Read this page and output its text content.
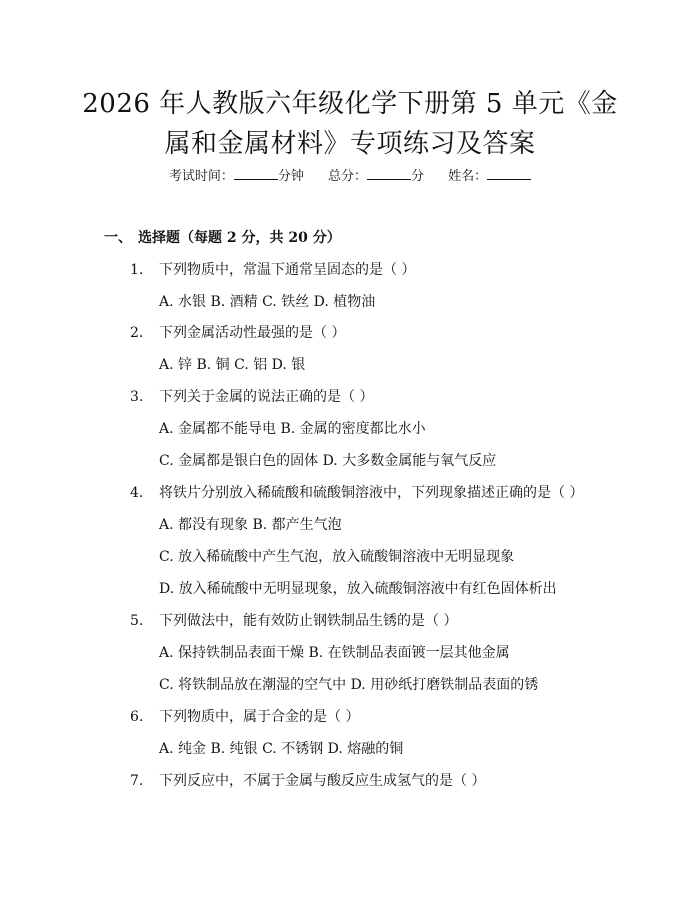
2026 年人教版六年级化学下册第 5 单元《金
属和金属材料》专项练习及答案
考试时间：	分钟 总分：	分 姓名：
一、 选择题（每题 2 分，共 20 分）
1. 下列物质中，常温下通常呈固态的是（ ）
A. 水银 B. 酒精 C. 铁丝 D. 植物油
2. 下列金属活动性最强的是（ ）
A. 锌 B. 铜 C. 铝 D. 银
3. 下列关于金属的说法正确的是（ ）
A. 金属都不能导电 B. 金属的密度都比水小
C. 金属都是银白色的固体 D. 大多数金属能与氧气反应
4. 将铁片分别放入稀硫酸和硫酸铜溶液中，下列现象描述正确的是（ ）
A. 都没有现象 B. 都产生气泡
C. 放入稀硫酸中产生气泡，放入硫酸铜溶液中无明显现象
D. 放入稀硫酸中无明显现象，放入硫酸铜溶液中有红色固体析出
5. 下列做法中，能有效防止钢铁制品生锈的是（ ）
A. 保持铁制品表面干燥 B. 在铁制品表面镀一层其他金属
C. 将铁制品放在潮湿的空气中 D. 用砂纸打磨铁制品表面的锈
6. 下列物质中，属于合金的是（ ）
A. 纯金 B. 纯银 C. 不锈钢 D. 熔融的铜
7. 下列反应中，不属于金属与酸反应生成氢气的是（ ）
